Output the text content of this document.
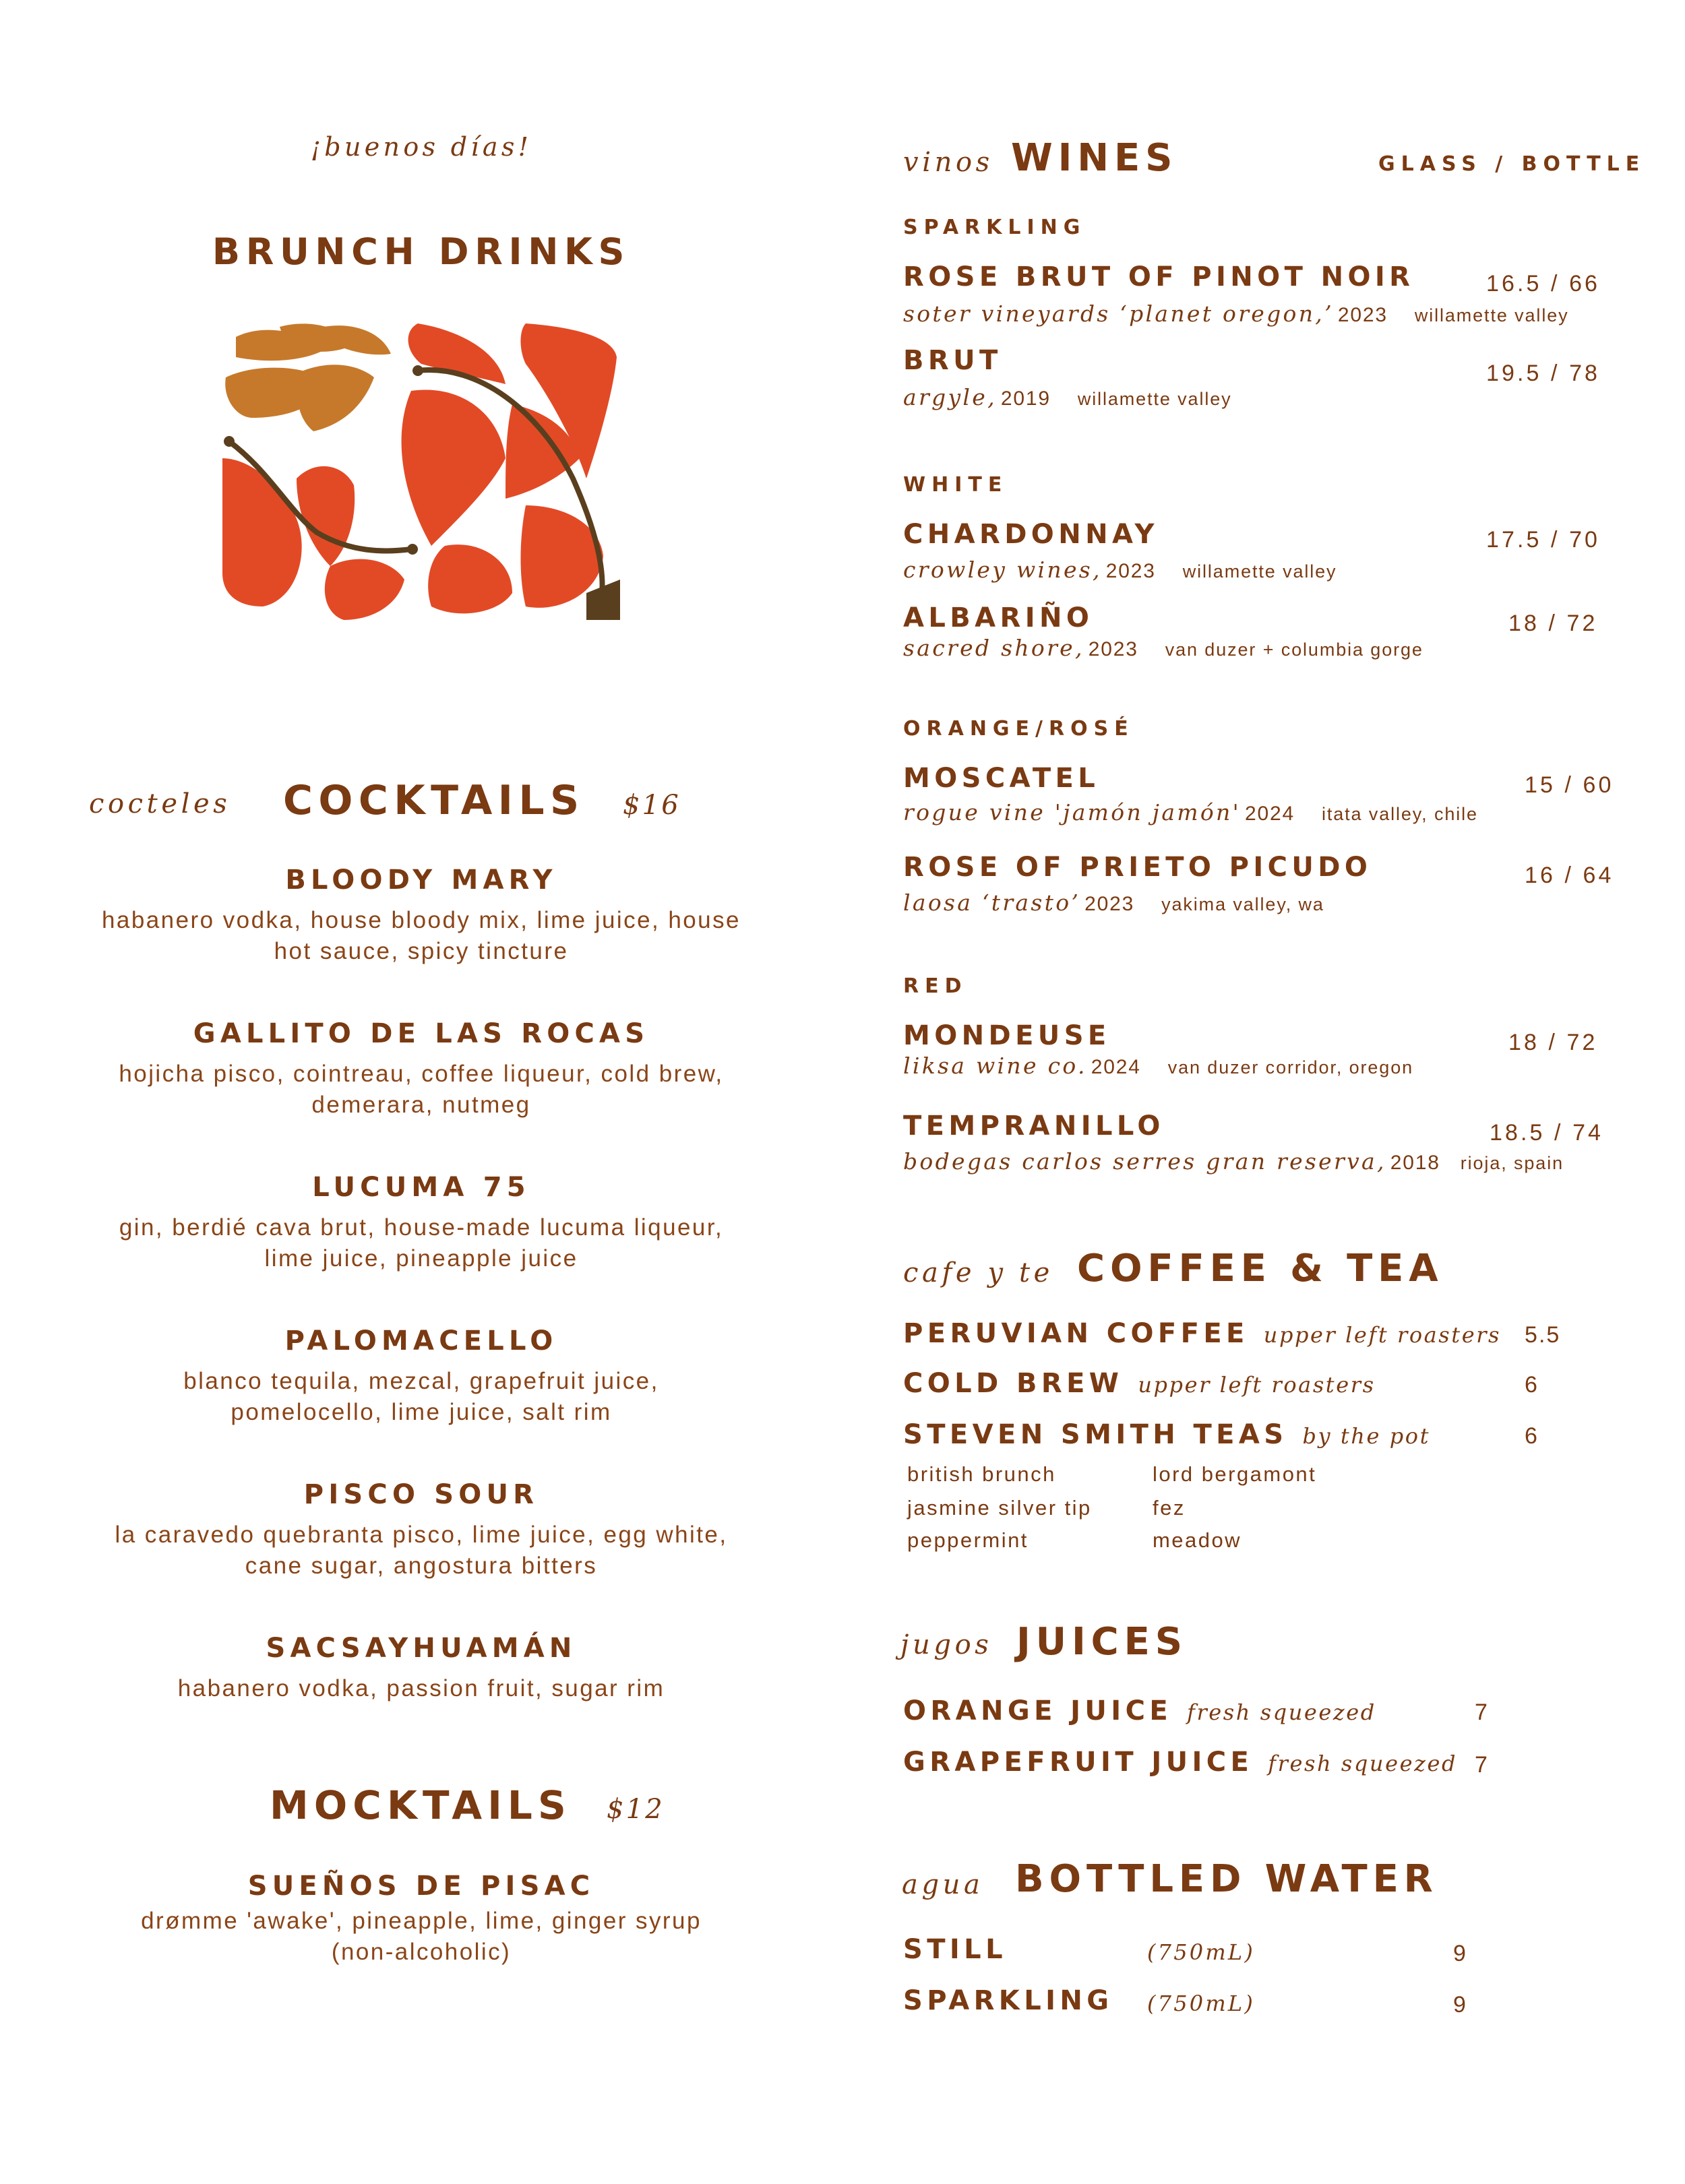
¡buenos días!
BRUNCH DRINKS
cocteles COCKTAILS $16
BLOODY MARY
habanero vodka, house bloody mix, lime juice, house
hot sauce, spicy tincture
GALLITO DE LAS ROCAS
hojicha pisco, cointreau, coffee liqueur, cold brew,
demerara, nutmeg
LUCUMA 75
gin, berdié cava brut, house-made lucuma liqueur,
lime juice, pineapple juice
PALOMACELLO
blanco tequila, mezcal, grapefruit juice,
pomelocello, lime juice, salt rim
PISCO SOUR
la caravedo quebranta pisco, lime juice, egg white,
cane sugar, angostura bitters
SACSAYHUAMÁN
habanero vodka, passion fruit, sugar rim
MOCKTAILS $12
SUEÑOS DE PISAC
drømme 'awake', pineapple, lime, ginger syrup
(non-alcoholic)
vinos WINES	GLASS / BOTTLE
SPARKLING
ROSE BRUT OF PINOT NOIR	16.5 / 66
soter vineyards ‘planet oregon,’ 2023 willamette valley
BRUT	19.5 / 78
argyle, 2019 willamette valley
WHITE
CHARDONNAY	17.5 / 70
crowley wines, 2023 willamette valley
ALBARIÑO	18 / 72
sacred shore, 2023 van duzer + columbia gorge
ORANGE/ROSÉ
MOSCATEL	15 / 60
rogue vine 'jamón jamón' 2024 itata valley, chile
ROSE OF PRIETO PICUDO	16 / 64
laosa ‘trasto’ 2023 yakima valley, wa
RED
MONDEUSE	18 / 72
liksa wine co. 2024 van duzer corridor, oregon
TEMPRANILLO	18.5 / 74
bodegas carlos serres gran reserva, 2018 rioja, spain
cafe y te COFFEE & TEA
PERUVIAN COFFEE upper left roasters 5.5
COLD BREW upper left roasters	6
STEVEN SMITH TEAS by the pot	6
british brunch	lord bergamont
jasmine silver tip	fez
peppermint	meadow
jugos JUICES
ORANGE JUICE fresh squeezed	7
GRAPEFRUIT JUICE fresh squeezed 7
agua BOTTLED WATER
STILL	(750mL)	9
SPARKLING (750mL)	9
